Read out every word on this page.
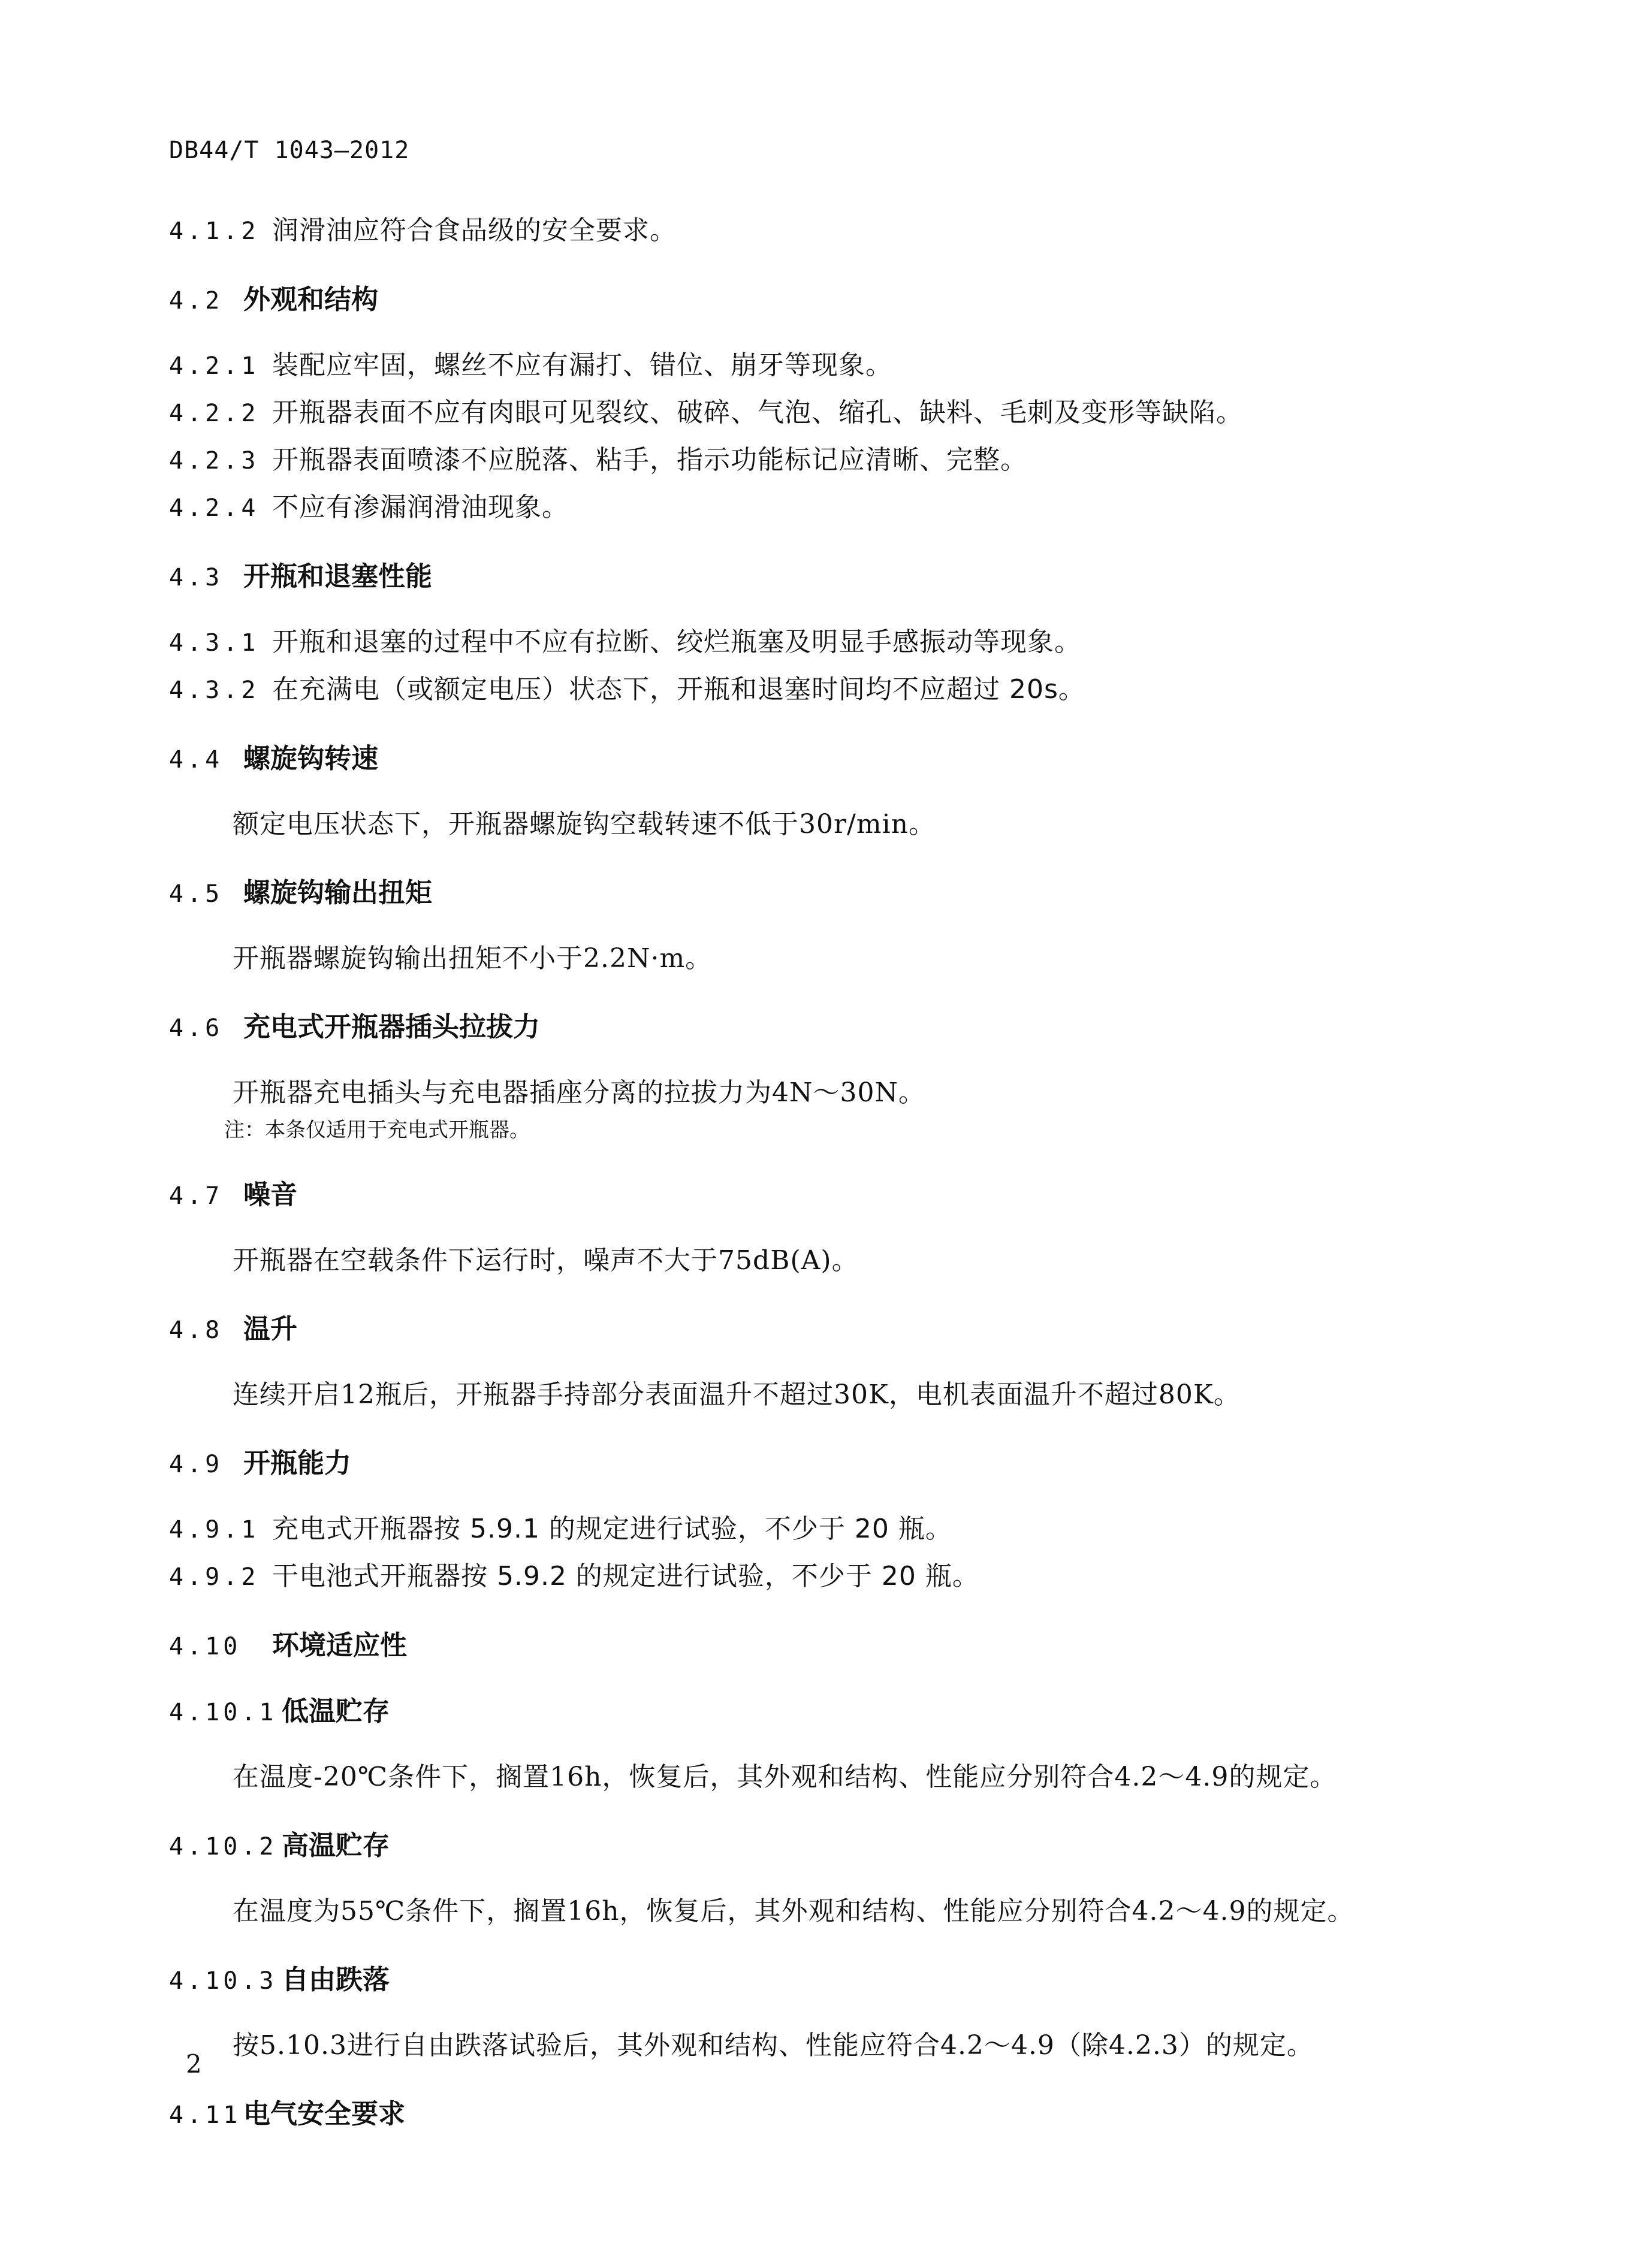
DB44/T 1043—2012
4.1.2 润滑油应符合食品级的安全要求。
4.2 外观和结构
4.2.1 装配应牢固，螺丝不应有漏打、错位、崩牙等现象。
4.2.2 开瓶器表面不应有肉眼可见裂纹、破碎、气泡、缩孔、缺料、毛刺及变形等缺陷。
4.2.3 开瓶器表面喷漆不应脱落、粘手，指示功能标记应清晰、完整。
4.2.4 不应有渗漏润滑油现象。
4.3 开瓶和退塞性能
4.3.1 开瓶和退塞的过程中不应有拉断、绞烂瓶塞及明显手感振动等现象。
4.3.2 在充满电（或额定电压）状态下，开瓶和退塞时间均不应超过 20s。
4.4 螺旋钩转速
额定电压状态下，开瓶器螺旋钩空载转速不低于30r/min。
4.5 螺旋钩输出扭矩
开瓶器螺旋钩输出扭矩不小于2.2N·m。
4.6 充电式开瓶器插头拉拔力
开瓶器充电插头与充电器插座分离的拉拔力为4N～30N。
注：本条仅适用于充电式开瓶器。
4.7 噪音
开瓶器在空载条件下运行时，噪声不大于75dB(A)。
4.8 温升
连续开启12瓶后，开瓶器手持部分表面温升不超过30K，电机表面温升不超过80K。
4.9 开瓶能力
4.9.1 充电式开瓶器按 5.9.1 的规定进行试验，不少于 20 瓶。
4.9.2 干电池式开瓶器按 5.9.2 的规定进行试验，不少于 20 瓶。
4.10 环境适应性
4.10.1 低温贮存
在温度-20℃条件下，搁置16h，恢复后，其外观和结构、性能应分别符合4.2～4.9的规定。
4.10.2 高温贮存
在温度为55℃条件下，搁置16h，恢复后，其外观和结构、性能应分别符合4.2～4.9的规定。
4.10.3 自由跌落
按5.10.3进行自由跌落试验后，其外观和结构、性能应符合4.2～4.9（除4.2.3）的规定。
4.11电气安全要求
2
